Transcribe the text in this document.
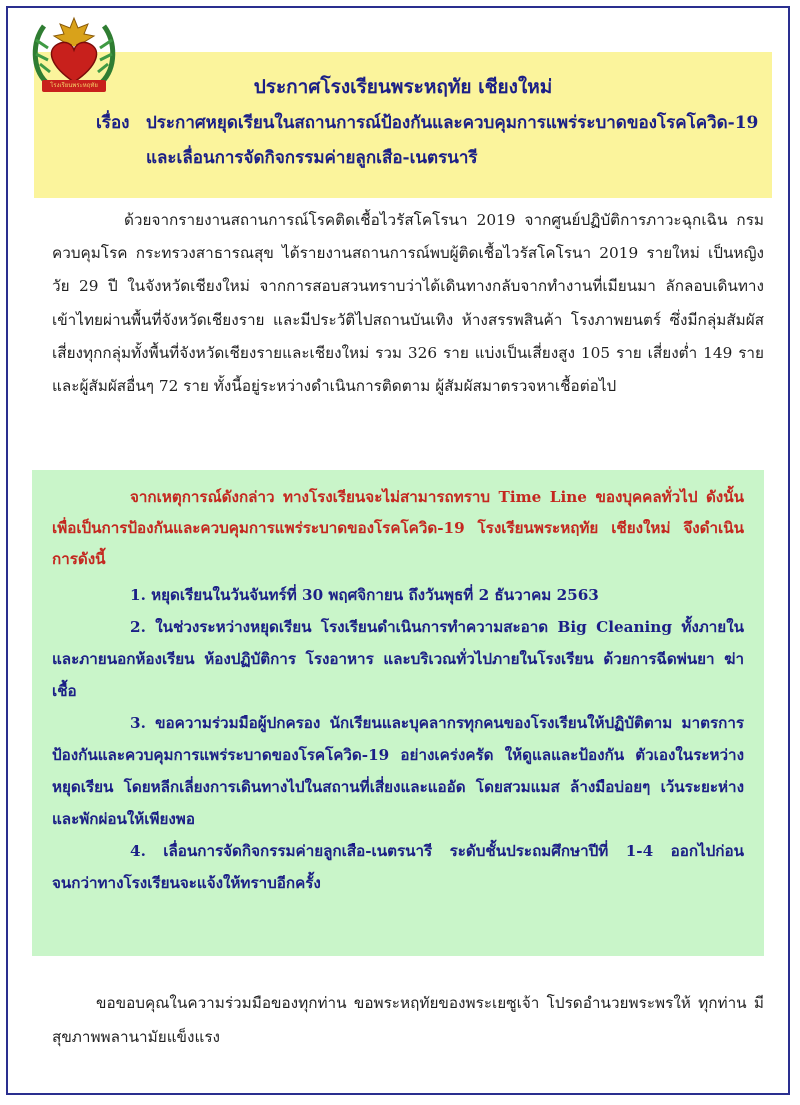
ประกาศโรงเรียนพระหฤทัย เชียงใหม่
เรื่อง ประกาศหยุดเรียนในสถานการณ์ป้องกันและควบคุมการแพร่ระบาดของโรคโควิด-19
และเลื่อนการจัดกิจกรรมค่ายลูกเสือ-เนตรนารี
โรงเรียนพระหฤทัย

ด้วยจากรายงานสถานการณ์โรคติดเชื้อไวรัสโคโรนา 2019 จากศูนย์ปฏิบัติการภาวะฉุกเฉิน กรมควบคุมโรค กระทรวงสาธารณสุข ได้รายงานสถานการณ์พบผู้ติดเชื้อไวรัสโคโรนา 2019 รายใหม่ เป็นหญิงวัย 29 ปี ในจังหวัดเชียงใหม่ จากการสอบสวนทราบว่าได้เดินทางกลับจากทำงานที่เมียนมา ลักลอบเดินทางเข้าไทยผ่านพื้นที่จังหวัดเชียงราย และมีประวัติไปสถานบันเทิง ห้างสรรพสินค้า โรงภาพยนตร์ ซึ่งมีกลุ่มสัมผัสเสี่ยงทุกกลุ่มทั้งพื้นที่จังหวัดเชียงรายและเชียงใหม่ รวม 326 ราย แบ่งเป็นเสี่ยงสูง 105 ราย เสี่ยงต่ำ 149 ราย และผู้สัมผัสอื่นๆ 72 ราย ทั้งนี้อยู่ระหว่างดำเนินการติดตาม ผู้สัมผัสมาตรวจหาเชื้อต่อไป

จากเหตุการณ์ดังกล่าว ทางโรงเรียนจะไม่สามารถทราบ Time Line ของบุคคลทั่วไป ดังนั้นเพื่อเป็นการป้องกันและควบคุมการแพร่ระบาดของโรคโควิด-19 โรงเรียนพระหฤทัย เชียงใหม่ จึงดำเนินการดังนี้

1. หยุดเรียนในวันจันทร์ที่ 30 พฤศจิกายน ถึงวันพุธที่ 2 ธันวาคม 2563

2. ในช่วงระหว่างหยุดเรียน โรงเรียนดำเนินการทำความสะอาด Big Cleaning ทั้งภายใน และภายนอกห้องเรียน ห้องปฏิบัติการ โรงอาหาร และบริเวณทั่วไปภายในโรงเรียน ด้วยการฉีดพ่นยา ฆ่าเชื้อ

3. ขอความร่วมมือผู้ปกครอง นักเรียนและบุคลากรทุกคนของโรงเรียนให้ปฏิบัติตาม มาตรการป้องกันและควบคุมการแพร่ระบาดของโรคโควิด-19 อย่างเคร่งครัด ให้ดูแลและป้องกัน ตัวเองในระหว่างหยุดเรียน โดยหลีกเลี่ยงการเดินทางไปในสถานที่เสี่ยงและแออัด โดยสวมแมส ล้างมือบ่อยๆ เว้นระยะห่างและพักผ่อนให้เพียงพอ

4. เลื่อนการจัดกิจกรรมค่ายลูกเสือ-เนตรนารี ระดับชั้นประถมศึกษาปีที่ 1-4 ออกไปก่อน จนกว่าทางโรงเรียนจะแจ้งให้ทราบอีกครั้ง

ขอขอบคุณในความร่วมมือของทุกท่าน ขอพระหฤทัยของพระเยซูเจ้า โปรดอำนวยพระพรให้ ทุกท่าน มีสุขภาพพลานามัยแข็งแรง
